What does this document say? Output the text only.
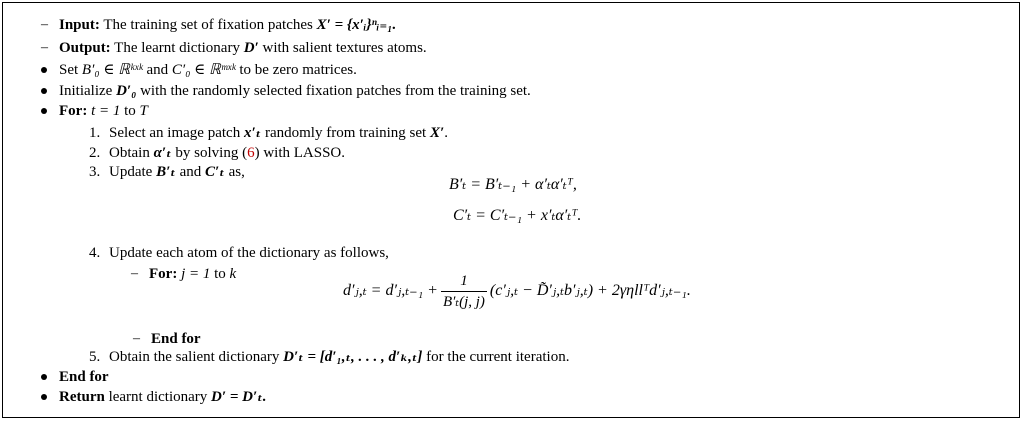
– Input: The training set of fixation patches X′ = {x′ᵢ}ⁿᵢ₌₁.
– Output: The learnt dictionary D′ with salient textures atoms.
Set B′₀ ∈ ℝᵏˣᵏ and C′₀ ∈ ℝᵐˣᵏ to be zero matrices.
Initialize D′₀ with the randomly selected fixation patches from the training set.
For: t = 1 to T
1. Select an image patch x′ₜ randomly from training set X′.
2. Obtain α′ₜ by solving (6) with LASSO.
3. Update B′ₜ and C′ₜ as,
B′ₜ = B′ₜ₋₁ + α′ₜα′ₜᵀ,
C′ₜ = C′ₜ₋₁ + x′ₜα′ₜᵀ.
4. Update each atom of the dictionary as follows,
– For: j = 1 to k
d′ⱼ,ₜ = d′ⱼ,ₜ₋₁ + $\frac{1}{\text{B′ₜ(j, j)}}$ (c′ⱼ,ₜ − D̃′ⱼ,ₜb′ⱼ,ₜ) + 2γηllᵀd′ⱼ,ₜ₋₁.
– End for
5. Obtain the salient dictionary D′ₜ = [d′₁,ₜ, . . . , d′ₖ,ₜ] for the current iteration.
End for
Return learnt dictionary D′ = D′ₜ.
